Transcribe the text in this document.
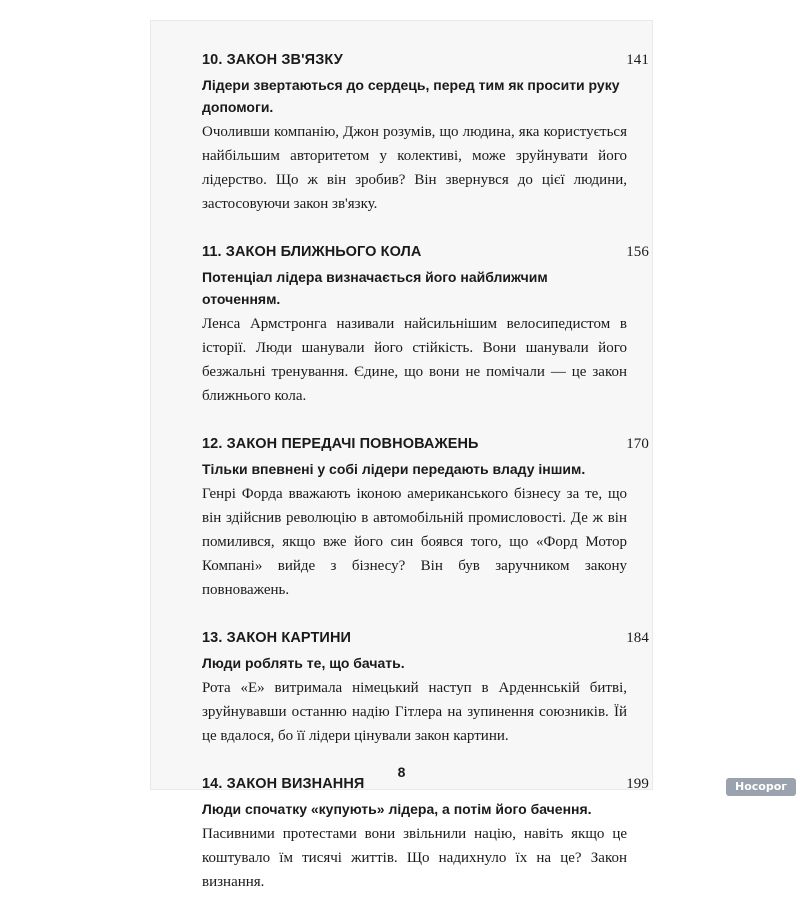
10. ЗАКОН ЗВ'ЯЗКУ	141
Лідери звертаються до сердець, перед тим як просити руку допомоги.
Очоливши компанію, Джон розумів, що людина, яка користується найбільшим авторитетом у колективі, може зруйнувати його лідерство. Що ж він зробив? Він звернувся до цієї людини, застосовуючи закон зв'язку.
11. ЗАКОН БЛИЖНЬОГО КОЛА	156
Потенціал лідера визначається його найближчим оточенням.
Ленса Армстронга називали найсильнішим велосипедистом в історії. Люди шанували його стійкість. Вони шанували його безжальні тренування. Єдине, що вони не помічали — це закон ближнього кола.
12. ЗАКОН ПЕРЕДАЧІ ПОВНОВАЖЕНЬ	170
Тільки впевнені у собі лідери передають владу іншим.
Генрі Форда вважають іконою американського бізнесу за те, що він здійснив революцію в автомобільній промисловості. Де ж він помилився, якщо вже його син боявся того, що «Форд Мотор Компані» вийде з бізнесу? Він був заручником закону повноважень.
13. ЗАКОН КАРТИНИ	184
Люди роблять те, що бачать.
Рота «Е» витримала німецький наступ в Арденнській битві, зруйнувавши останню надію Гітлера на зупинення союзників. Їй це вдалося, бо її лідери цінували закон картини.
14. ЗАКОН ВИЗНАННЯ	199
Люди спочатку «купують» лідера, а потім його бачення.
Пасивними протестами вони звільнили націю, навіть якщо це коштувало їм тисячі життів. Що надихнуло їх на це? Закон визнання.
8
Носорог
